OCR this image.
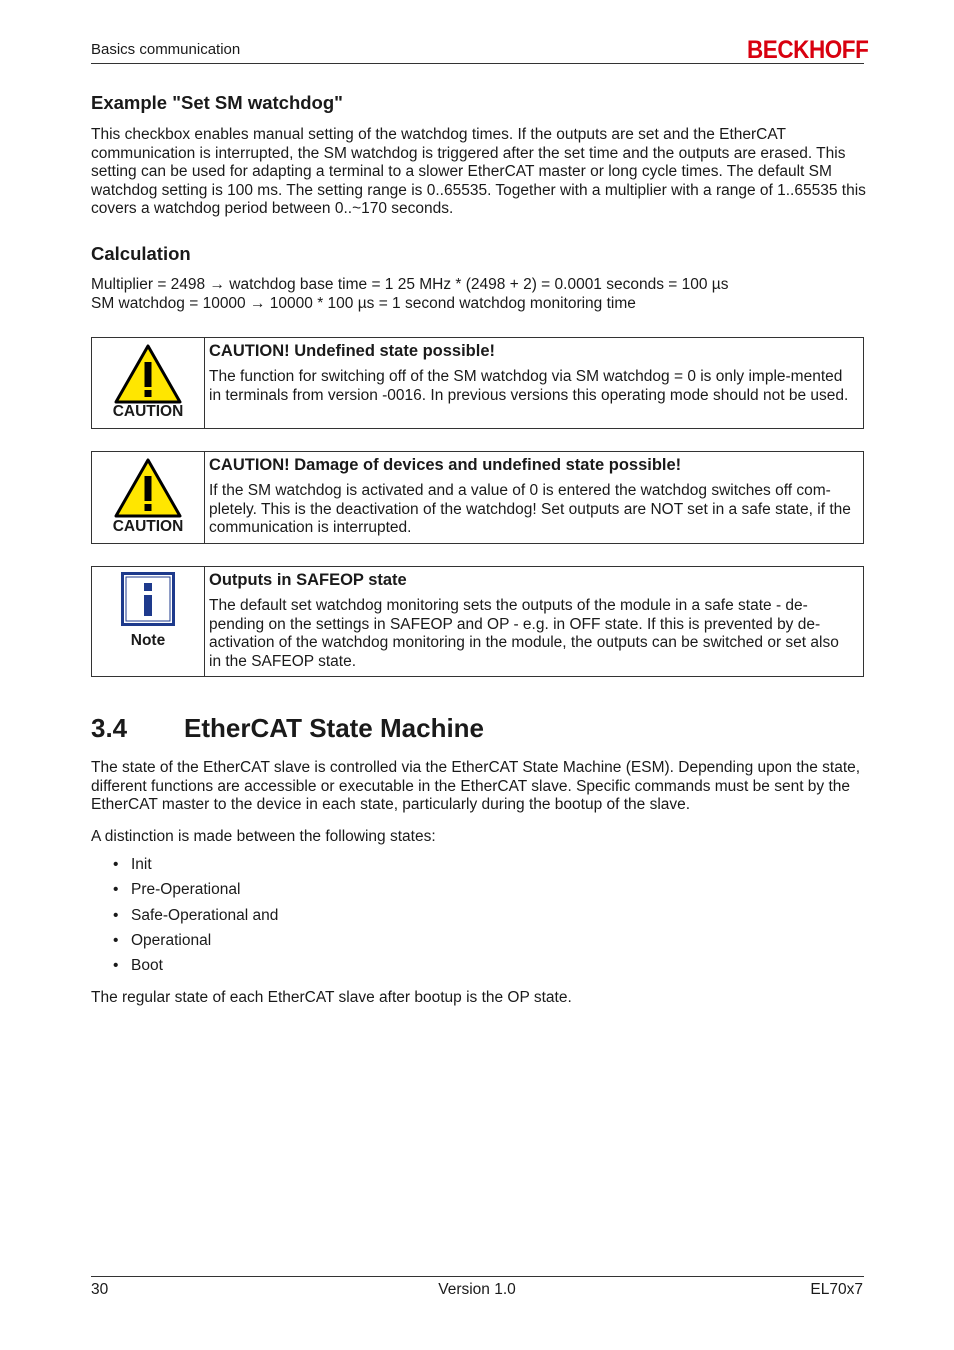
Basics communication	BECKHOFF
Example "Set SM watchdog"

This checkbox enables manual setting of the watchdog times. If the outputs are set and the EtherCAT communication is interrupted, the SM watchdog is triggered after the set time and the outputs are erased. This setting can be used for adapting a terminal to a slower EtherCAT master or long cycle times. The default SM watchdog setting is 100 ms. The setting range is 0..65535. Together with a multiplier with a range of 1..65535 this covers a watchdog period between 0..~170 seconds.

Calculation

Multiplier = 2498 → watchdog base time = 1 25 MHz * (2498 + 2) = 0.0001 seconds = 100 µs

SM watchdog = 10000 → 10000 * 100 µs = 1 second watchdog monitoring time

CAUTION
CAUTION! Undefined state possible!
The function for switching off of the SM watchdog via SM watchdog = 0 is only imple-mented in terminals from version -0016. In previous versions this operating mode should not be used.
CAUTION
CAUTION! Damage of devices and undefined state possible!
If the SM watchdog is activated and a value of 0 is entered the watchdog switches off com-pletely. This is the deactivation of the watchdog! Set outputs are NOT set in a safe state, if the communication is interrupted.
Note
Outputs in SAFEOP state
The default set watchdog monitoring sets the outputs of the module in a safe state - de-pending on the settings in SAFEOP and OP - e.g. in OFF state. If this is prevented by de-activation of the watchdog monitoring in the module, the outputs can be switched or set also in the SAFEOP state.
3.4 EtherCAT State Machine

The state of the EtherCAT slave is controlled via the EtherCAT State Machine (ESM). Depending upon the state, different functions are accessible or executable in the EtherCAT slave. Specific commands must be sent by the EtherCAT master to the device in each state, particularly during the bootup of the slave.

A distinction is made between the following states:

• Init
• Pre-Operational
• Safe-Operational and
• Operational
• Boot

The regular state of each EtherCAT slave after bootup is the OP state.

30	Version 1.0	EL70x7
